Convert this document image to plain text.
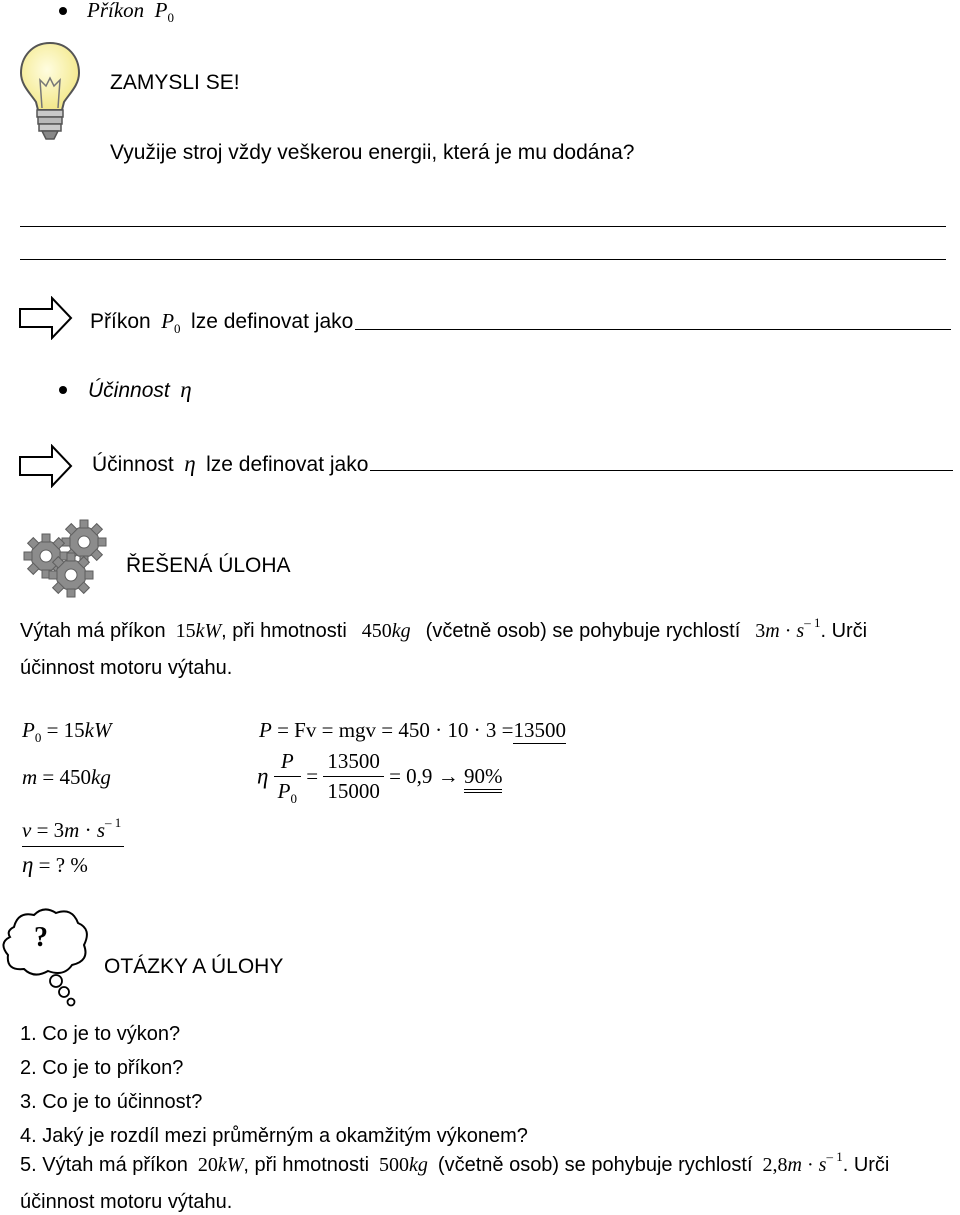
Příkon $P_0$
ZAMYSLI SE!
Využije stroj vždy veškerou energii, která je mu dodána?
Příkon $P_0$ lze definovat jako
Účinnost η
Účinnost η lze definovat jako
ŘEŠENÁ ÚLOHA
Výtah má příkon 15kW, při hmotnosti 450kg (včetně osob) se pohybuje rychlostí $3m \cdot s^{- 1}$. Urči
účinnost motoru výtahu.
$P_0 = 15kW$
m = 450kg
$v = 3m \cdot s^{- 1}$
η = ? %
P = Fv = mgv = 450 · 10 · 3 =13500
η $\frac{P}{P_0} = \frac{13500}{15000} = 0,9 \to 90\%$
?
OTÁZKY A ÚLOHY
1. Co je to výkon?
2. Co je to příkon?
3. Co je to účinnost?
4. Jaký je rozdíl mezi průměrným a okamžitým výkonem?
5. Výtah má příkon 20kW, při hmotnosti 500kg (včetně osob) se pohybuje rychlostí $2,8m \cdot s^{- 1}$. Urči
účinnost motoru výtahu.
